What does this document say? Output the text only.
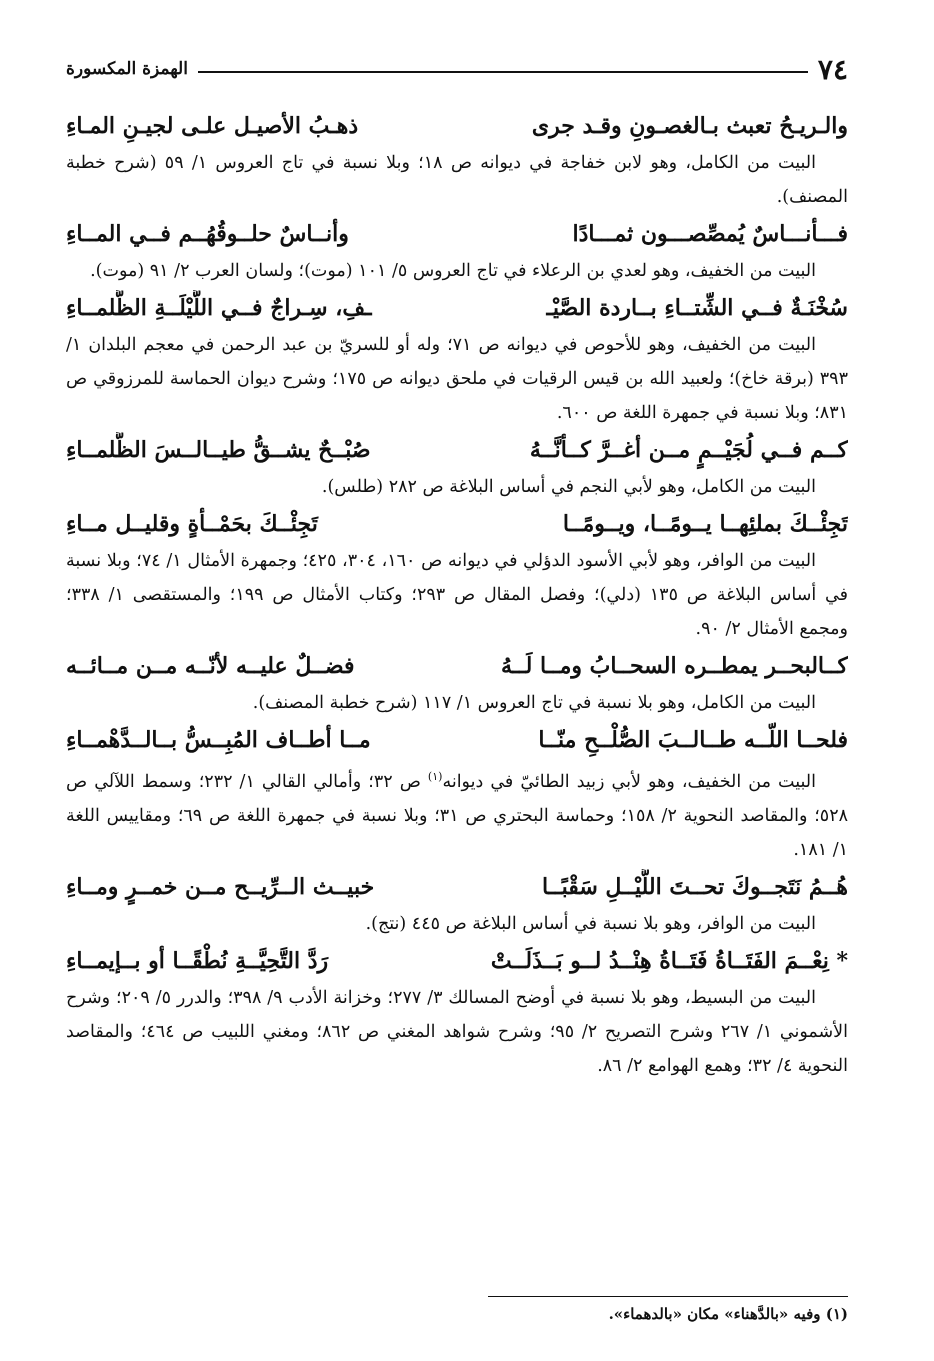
٧٤
الهمزة المكسورة
والـريـحُ تعبث بـالغصـونِ وقـد جرى
ذهـبُ الأصيـل علـى لجيـنِ المـاءِ

البيت من الكامل، وهو لابن خفاجة في ديوانه ص ١٨؛ وبلا نسبة في تاج العروس ١/ ٥٩ (شرح خطبة المصنف).

فـــأنـــاسٌ يُمصِّصـــون ثمـــادًا
وأنــاسٌ حلــوقُهُــم فــي المــاءِ

البيت من الخفيف، وهو لعدي بن الرعلاء في تاج العروس ٥/ ١٠١ (موت)؛ ولسان العرب ٢/ ٩١ (موت).

سُخْنَـةٌ فــي الشِّتــاءِ بــاردة الصَّيْـ
ـفِ، سِـراجٌ فــي اللَّيْلَــةِ الظَّلمــاءِ

البيت من الخفيف، وهو للأحوص في ديوانه ص ٧١؛ وله أو للسريّ بن عبد الرحمن في معجم البلدان ١/ ٣٩٣ (برقة خاخ)؛ ولعبيد الله بن قيس الرقيات في ملحق ديوانه ص ١٧٥؛ وشرح ديوان الحماسة للمرزوقي ص ٨٣١؛ وبلا نسبة في جمهرة اللغة ص ٦٠٠.

كــم فــي لُجَيْــمٍ مــن أغــرَّ كــأنَّــهُ
صُبْــحٌ يشــقُّ طيــالــسَ الظَّلمــاءِ

البيت من الكامل، وهو لأبي النجم في أساس البلاغة ص ٢٨٢ (طلس).

تَجِئْــكَ بملئِهــا يــومًــا، ويــومًــا
تَجِئْــكَ بحَمْــأةٍ وقليــل مــاءِ

البيت من الوافر، وهو لأبي الأسود الدؤلي في ديوانه ص ١٦٠، ٣٠٤، ٤٢٥؛ وجمهرة الأمثال ١/ ٧٤؛ وبلا نسبة في أساس البلاغة ص ١٣٥ (دلي)؛ وفصل المقال ص ٢٩٣؛ وكتاب الأمثال ص ١٩٩؛ والمستقصى ١/ ٣٣٨؛ ومجمع الأمثال ٢/ ٩٠.

كــالبحــر يمطــره السحــابُ ومــا لَــهُ
فضــلٌ عليــه لأنّــه مــن مــائــه

البيت من الكامل، وهو بلا نسبة في تاج العروس ١/ ١١٧ (شرح خطبة المصنف).

فلحــا اللّــه طــالــبَ الصُّلْــحِ منّــا
مــا أطــاف المُبِــسُّ بــالــدَّهْمــاءِ

البيت من الخفيف، وهو لأبي زبيد الطائيّ في ديوانه$^{(١)}$ ص ٣٢؛ وأمالي القالي ١/ ٢٣٢؛ وسمط اللآلي ص ٥٢٨؛ والمقاصد النحوية ٢/ ١٥٨؛ وحماسة البحتري ص ٣١؛ وبلا نسبة في جمهرة اللغة ص ٦٩؛ ومقاييس اللغة ١/ ١٨١.

هُــمُ نَتَجــوكَ تحــتَ اللَّيْــلِ سَقْبًــا
خبيــث الــرِّيــح مــن خمــرٍ ومــاءِ

البيت من الوافر، وهو بلا نسبة في أساس البلاغة ص ٤٤٥ (نتج).

* نِعْــمَ الفَتَــاةُ فَتَــاةُ هِنْــدُ لــو بَــذَلَــتْ
رَدَّ التَّحِيَّــةِ نُطْقًــا أو بــإيمــاءِ

البيت من البسيط، وهو بلا نسبة في أوضح المسالك ٣/ ٢٧٧؛ وخزانة الأدب ٩/ ٣٩٨؛ والدرر ٥/ ٢٠٩؛ وشرح الأشموني ١/ ٢٦٧ وشرح التصريح ٢/ ٩٥؛ وشرح شواهد المغني ص ٨٦٢؛ ومغني اللبيب ص ٤٦٤؛ والمقاصد النحوية ٤/ ٣٢؛ وهمع الهوامع ٢/ ٨٦.

(١) وفيه «بالدَّهناء» مكان «بالدهماء».
